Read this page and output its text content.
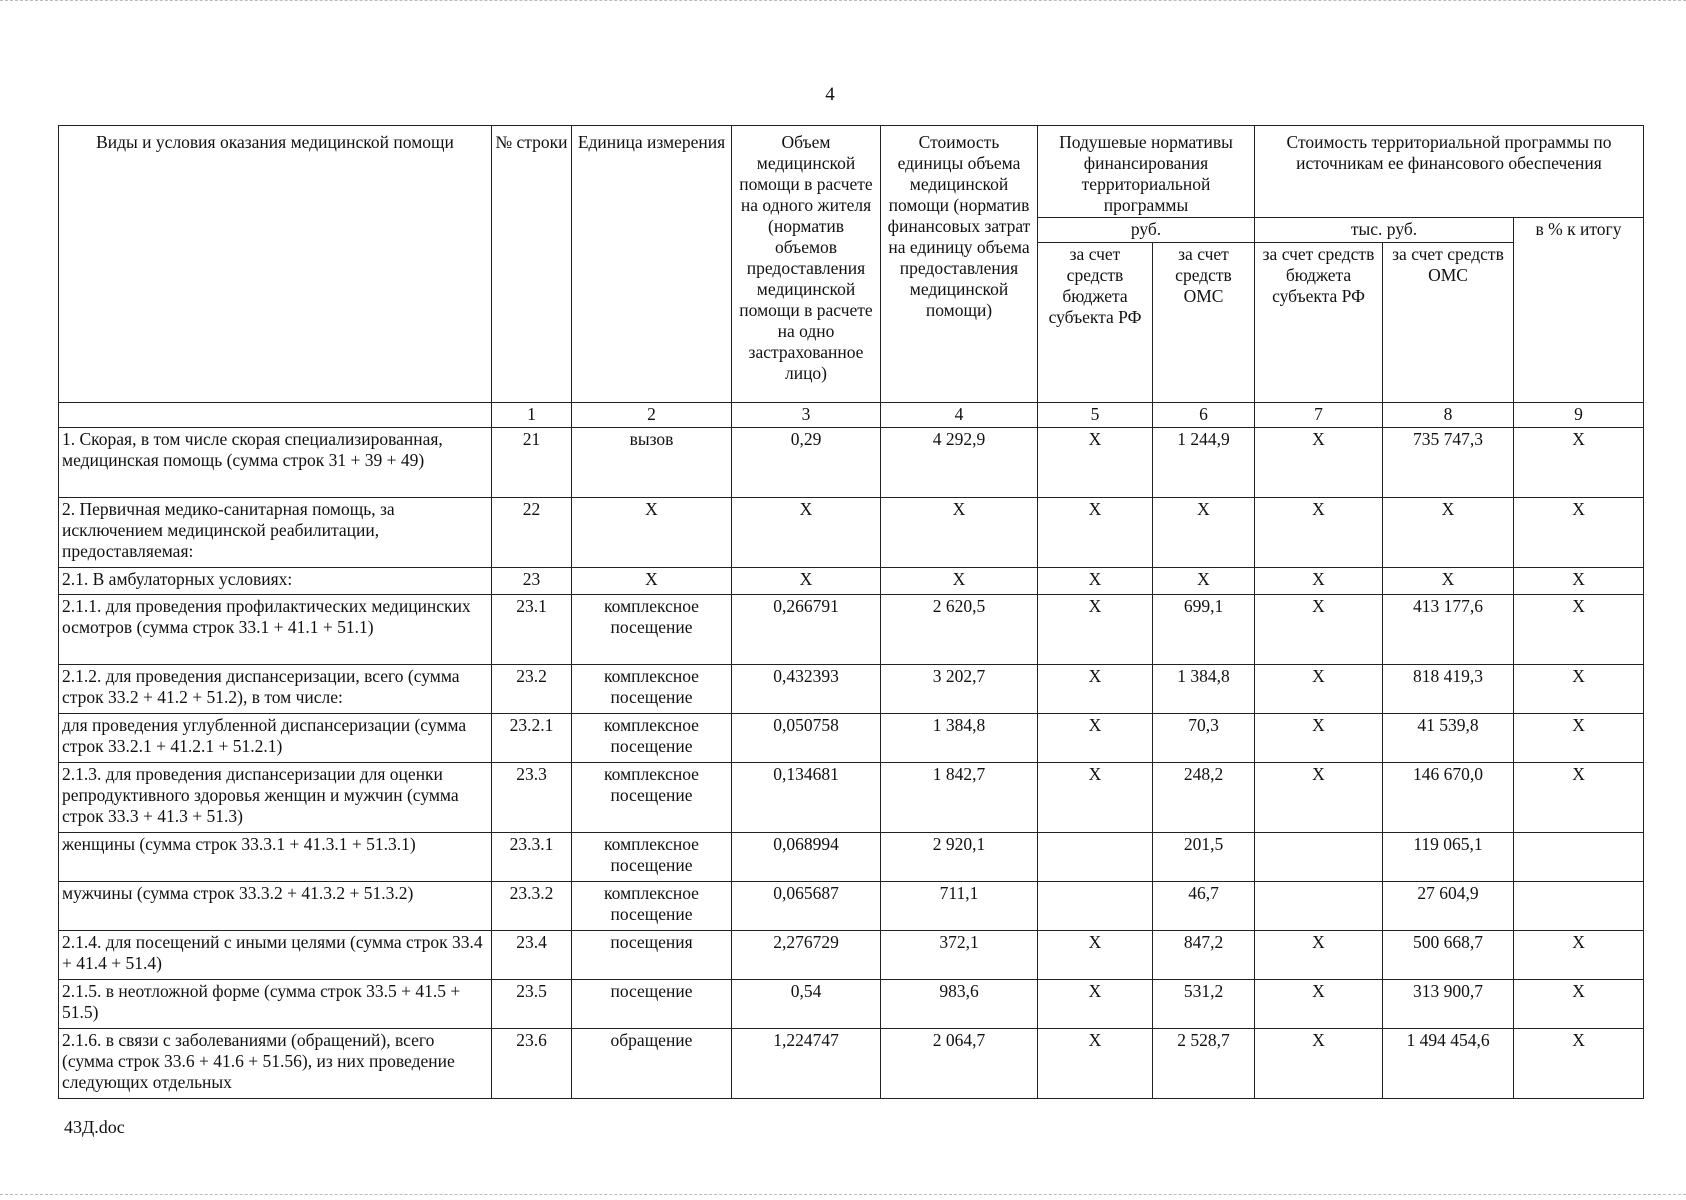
4
Виды и условия оказания медицинской помощи	№ строки	Единица измерения	Объем медицинской помощи в расчете на одного жителя (норматив объемов предоставления медицинской помощи в расчете на одно застрахованное лицо)	Стоимость единицы объема медицинской помощи (норматив финансовых затрат на единицу объема предоставления медицинской помощи)	Подушевые нормативы финансирования территориальной программы		Стоимость территориальной программы по источникам ее финансового обеспечения		
					руб.		тыс. руб.		в % к итогу
					за счет средств бюджета субъекта РФ	за счет средств ОМС	за счет средств бюджета субъекта РФ	за счет средств ОМС	

	1	2	3	4	5	6	7	8	9
1. Скорая, в том числе скорая специализированная, медицинская помощь (сумма строк 31 + 39 + 49)	21	вызов	0,29	4 292,9	X	1 244,9	X	735 747,3	X
2. Первичная медико-санитарная помощь, за исключением медицинской реабилитации, предоставляемая:	22	X	X	X	X	X	X	X	X
2.1. В амбулаторных условиях:	23	X	X	X	X	X	X	X	X
2.1.1. для проведения профилактических медицинских осмотров (сумма строк 33.1 + 41.1 + 51.1)	23.1	комплексное посещение	0,266791	2 620,5	X	699,1	X	413 177,6	X
2.1.2. для проведения диспансеризации, всего (сумма строк 33.2 + 41.2 + 51.2), в том числе:	23.2	комплексное посещение	0,432393	3 202,7	X	1 384,8	X	818 419,3	X
для проведения углубленной диспансеризации (сумма строк 33.2.1 + 41.2.1 + 51.2.1)	23.2.1	комплексное посещение	0,050758	1 384,8	X	70,3	X	41 539,8	X
2.1.3. для проведения диспансеризации для оценки репродуктивного здоровья женщин и мужчин (сумма строк 33.3 + 41.3 + 51.3)	23.3	комплексное посещение	0,134681	1 842,7	X	248,2	X	146 670,0	X
женщины (сумма строк 33.3.1 + 41.3.1 + 51.3.1)	23.3.1	комплексное посещение	0,068994	2 920,1		201,5		119 065,1	
мужчины (сумма строк 33.3.2 + 41.3.2 + 51.3.2)	23.3.2	комплексное посещение	0,065687	711,1		46,7		27 604,9	
2.1.4. для посещений с иными целями (сумма строк 33.4 + 41.4 + 51.4)	23.4	посещения	2,276729	372,1	X	847,2	X	500 668,7	X
2.1.5. в неотложной форме (сумма строк 33.5 + 41.5 + 51.5)	23.5	посещение	0,54	983,6	X	531,2	X	313 900,7	X
2.1.6. в связи с заболеваниями (обращений), всего (сумма строк 33.6 + 41.6 + 51.56), из них проведение следующих отдельных	23.6	обращение	1,224747	2 064,7	X	2 528,7	X	1 494 454,6	X
43Д.doc
